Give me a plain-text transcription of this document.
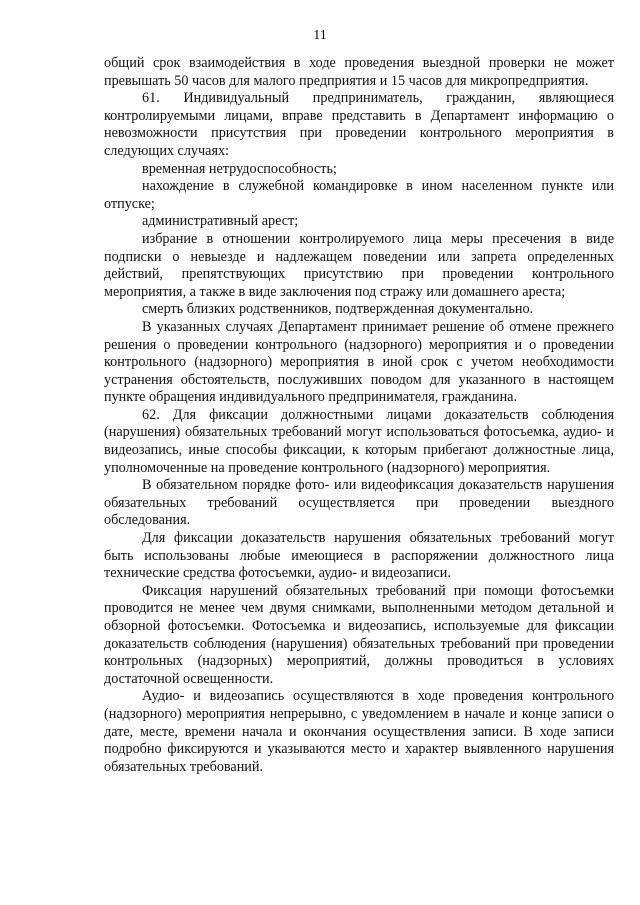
11

общий срок взаимодействия в ходе проведения выездной проверки не может превышать 50 часов для малого предприятия и 15 часов для микропредприятия.

61. Индивидуальный предприниматель, гражданин, являющиеся контролируемыми лицами, вправе представить в Департамент информацию о невозможности присутствия при проведении контрольного мероприятия в следующих случаях:

временная нетрудоспособность;

нахождение в служебной командировке в ином населенном пункте или отпуске;

административный арест;

избрание в отношении контролируемого лица меры пресечения в виде подписки о невыезде и надлежащем поведении или запрета определенных действий, препятствующих присутствию при проведении контрольного мероприятия, а также в виде заключения под стражу или домашнего ареста;

смерть близких родственников, подтвержденная документально.

В указанных случаях Департамент принимает решение об отмене прежнего решения о проведении контрольного (надзорного) мероприятия и о проведении контрольного (надзорного) мероприятия в иной срок с учетом необходимости устранения обстоятельств, послуживших поводом для указанного в настоящем пункте обращения индивидуального предпринимателя, гражданина.

62. Для фиксации должностными лицами доказательств соблюдения (нарушения) обязательных требований могут использоваться фотосъемка, аудио- и видеозапись, иные способы фиксации, к которым прибегают должностные лица, уполномоченные на проведение контрольного (надзорного) мероприятия.

В обязательном порядке фото- или видеофиксация доказательств нарушения обязательных требований осуществляется при проведении выездного обследования.

Для фиксации доказательств нарушения обязательных требований могут быть использованы любые имеющиеся в распоряжении должностного лица технические средства фотосъемки, аудио- и видеозаписи.

Фиксация нарушений обязательных требований при помощи фотосъемки проводится не менее чем двумя снимками, выполненными методом детальной и обзорной фотосъемки. Фотосъемка и видеозапись, используемые для фиксации доказательств соблюдения (нарушения) обязательных требований при проведении контрольных (надзорных) мероприятий, должны проводиться в условиях достаточной освещенности.

Аудио- и видеозапись осуществляются в ходе проведения контрольного (надзорного) мероприятия непрерывно, с уведомлением в начале и конце записи о дате, месте, времени начала и окончания осуществления записи. В ходе записи подробно фиксируются и указываются место и характер выявленного нарушения обязательных требований.
